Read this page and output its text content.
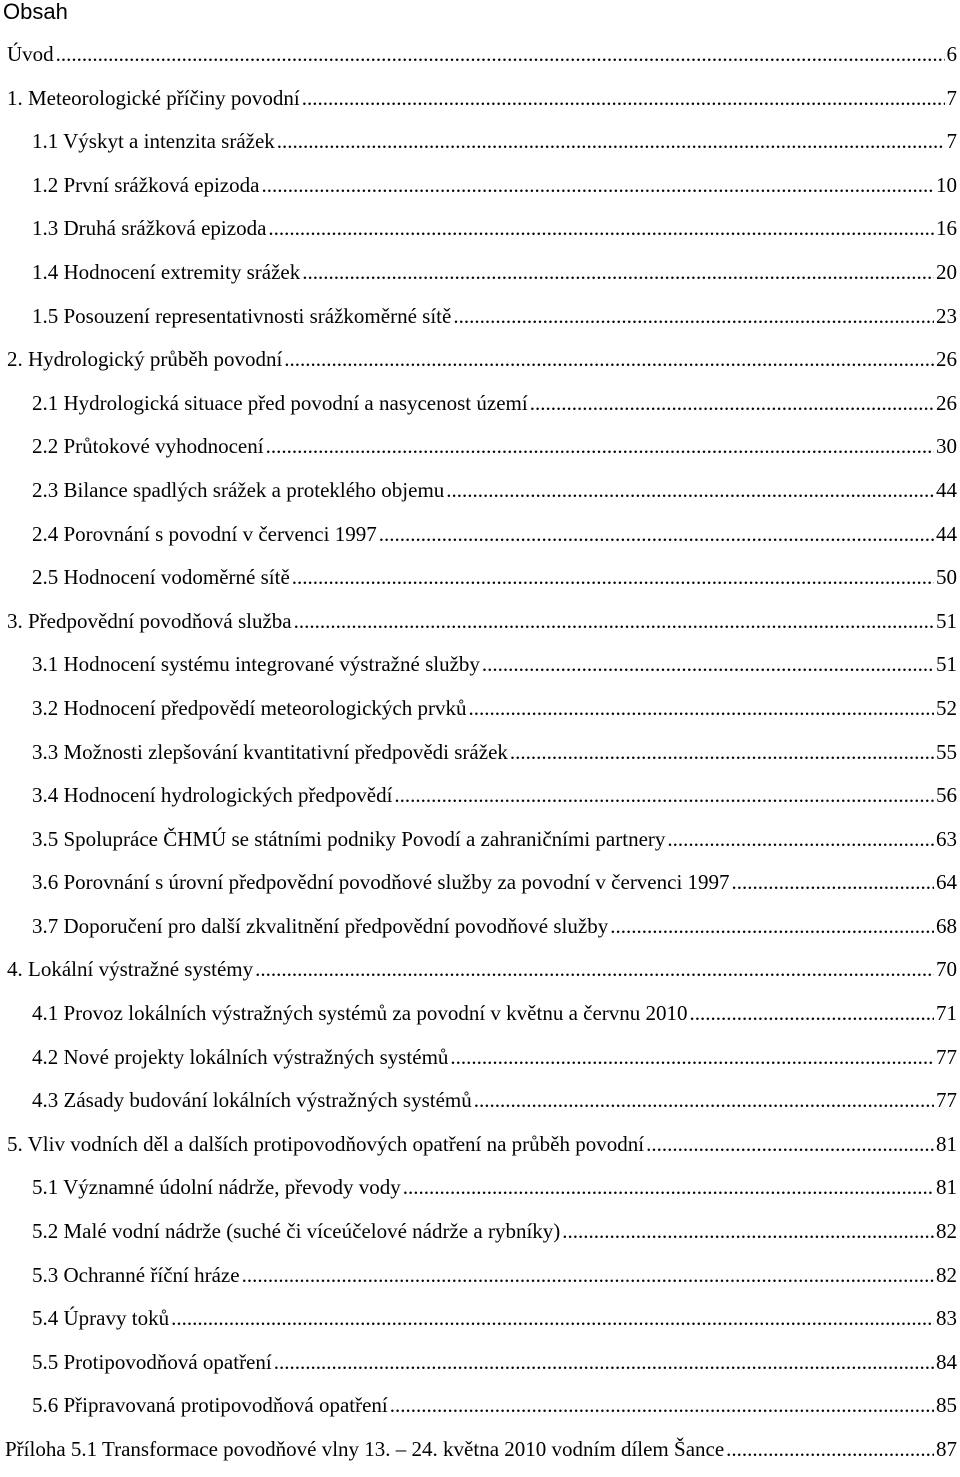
Obsah
Úvod .....	6
1. Meteorologické příčiny povodní .....	7
1.1 Výskyt a intenzita srážek .....	7
1.2 První srážková epizoda .....	10
1.3 Druhá srážková epizoda .....	16
1.4 Hodnocení extremity srážek .....	20
1.5 Posouzení representativnosti srážkoměrné sítě .....	23
2. Hydrologický průběh povodní .....	26
2.1 Hydrologická situace před povodní a nasycenost území .....	26
2.2 Průtokové vyhodnocení .....	30
2.3 Bilance spadlých srážek a proteklého objemu .....	44
2.4 Porovnání s povodní v červenci 1997 .....	44
2.5 Hodnocení vodoměrné sítě .....	50
3. Předpovědní povodňová služba .....	51
3.1 Hodnocení systému integrované výstražné služby .....	51
3.2 Hodnocení předpovědí meteorologických prvků .....	52
3.3 Možnosti zlepšování kvantitativní předpovědi srážek .....	55
3.4 Hodnocení hydrologických předpovědí .....	56
3.5 Spolupráce ČHMÚ se státními podniky Povodí a zahraničními partnery .....	63
3.6 Porovnání s úrovní předpovědní povodňové služby za povodní v červenci 1997 .....	64
3.7 Doporučení pro další zkvalitnění předpovědní povodňové služby .....	68
4. Lokální výstražné systémy .....	70
4.1 Provoz lokálních výstražných systémů za povodní v květnu a červnu 2010 .....	71
4.2 Nové projekty lokálních výstražných systémů .....	77
4.3 Zásady budování lokálních výstražných systémů .....	77
5. Vliv vodních děl a dalších protipovodňových opatření na průběh povodní .....	81
5.1 Významné údolní nádrže, převody vody .....	81
5.2 Malé vodní nádrže (suché či víceúčelové nádrže a rybníky) .....	82
5.3 Ochranné říční hráze .....	82
5.4 Úpravy toků .....	83
5.5 Protipovodňová opatření .....	84
5.6 Připravovaná protipovodňová opatření .....	85
Příloha 5.1 Transformace povodňové vlny 13. – 24. května 2010 vodním dílem Šance .....	87
